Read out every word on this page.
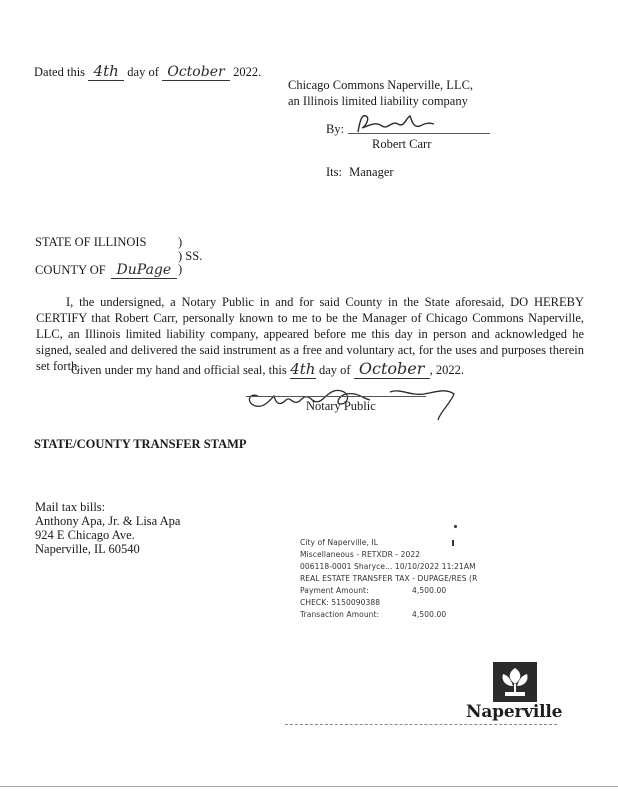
Dated this 4th day of October 2022.
Chicago Commons Naperville, LLC,
an Illinois limited liability company
By:
Robert Carr
Its: Manager
STATE OF ILLINOIS	)
) SS.
COUNTY OF DuPage )
I, the undersigned, a Notary Public in and for said County in the State aforesaid, DO HEREBY CERTIFY that Robert Carr, personally known to me to be the Manager of Chicago Commons Naperville, LLC, an Illinois limited liability company, appeared before me this day in person and acknowledged he signed, sealed and delivered the said instrument as a free and voluntary act, for the uses and purposes therein set forth.
Given under my hand and official seal, this 4th day of October , 2022.
Notary Public
STATE/COUNTY TRANSFER STAMP
Mail tax bills:
Anthony Apa, Jr. & Lisa Apa
924 E Chicago Ave.
Naperville, IL 60540	City of Naperville, IL
Miscellaneous - RETXDR - 2022
006118-0001 Sharyce... 10/10/2022 11:21AM
REAL ESTATE TRANSFER TAX - DUPAGE/RES (R
Payment Amount:	4,500.00
CHECK: 5150090388
Transaction Amount:	4,500.00
Naperville
